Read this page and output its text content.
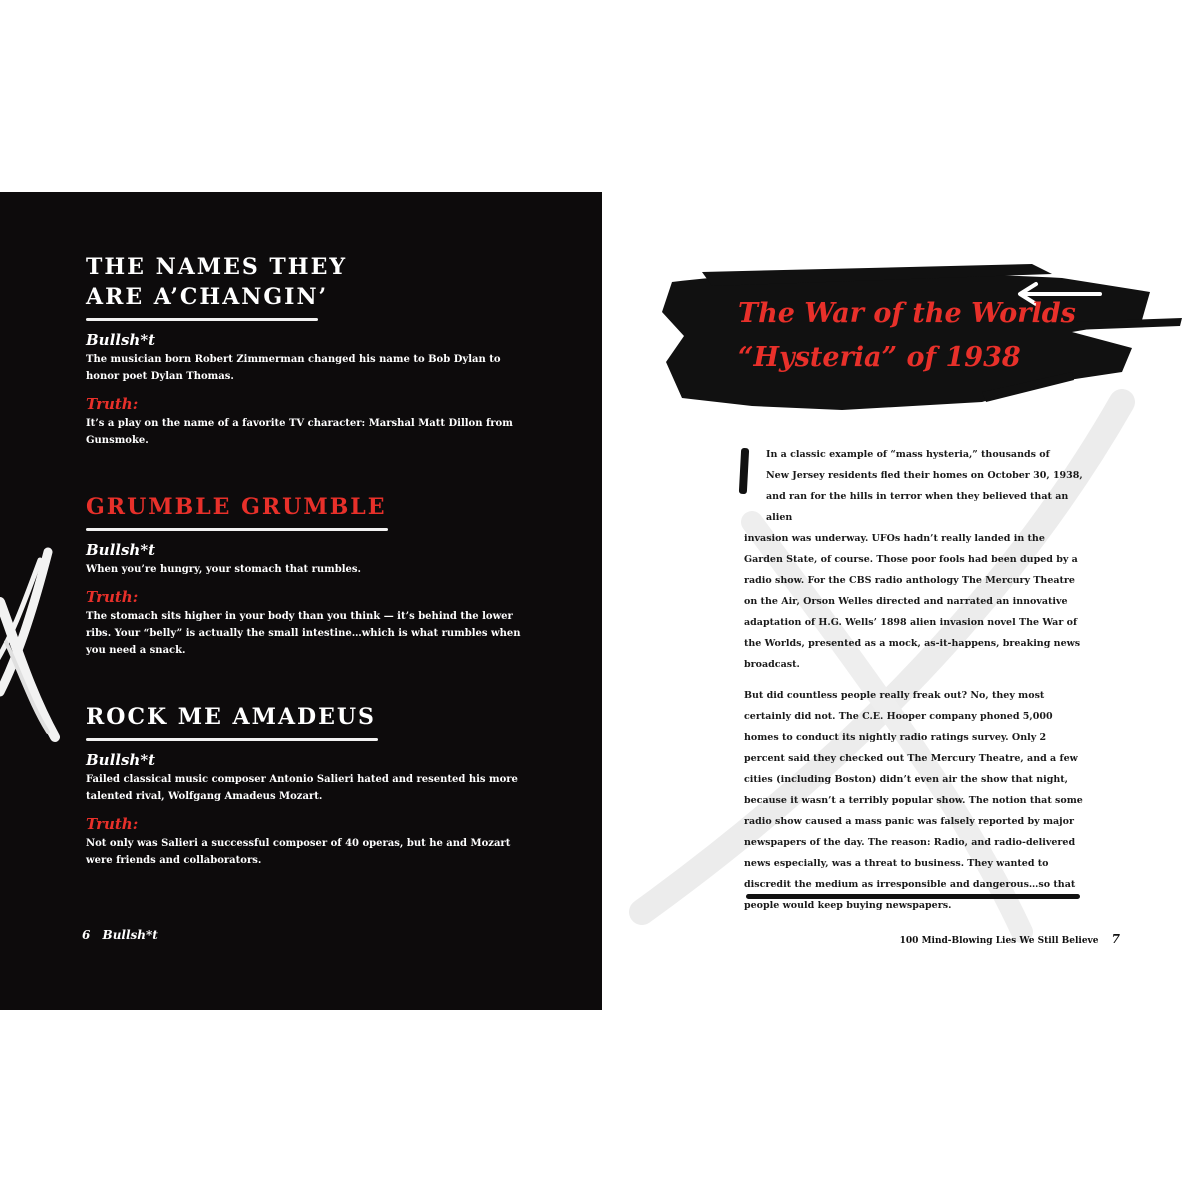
THE NAMES THEY
ARE A’CHANGIN’
Bullsh*t

The musician born Robert Zimmerman changed his name to Bob Dylan to honor poet Dylan Thomas.

Truth:

It’s a play on the name of a favorite TV character: Marshal Matt Dillon from Gunsmoke.

GRUMBLE GRUMBLE
Bullsh*t

When you’re hungry, your stomach that rumbles.

Truth:

The stomach sits higher in your body than you think — it’s behind the lower ribs. Your “belly” is actually the small intestine…which is what rumbles when you need a snack.

ROCK ME AMADEUS
Bullsh*t

Failed classical music composer Antonio Salieri hated and resented his more talented rival, Wolfgang Amadeus Mozart.

Truth:

Not only was Salieri a successful composer of 40 operas, but he and Mozart were friends and collaborators.

6 Bullsh*t
The War of the Worlds
“Hysteria” of 1938

In a classic example of “mass hysteria,” thousands of
New Jersey residents fled their homes on October 30, 1938,
and ran for the hills in terror when they believed that an alien
invasion was underway. UFOs hadn’t really landed in the Garden State, of course. Those poor fools had been duped by a radio show. For the CBS radio anthology The Mercury Theatre on the Air, Orson Welles directed and narrated an innovative adaptation of H.G. Wells’ 1898 alien invasion novel The War of the Worlds, presented as a mock, as-it-happens, breaking news broadcast.

But did countless people really freak out? No, they most certainly did not. The C.E. Hooper company phoned 5,000 homes to conduct its nightly radio ratings survey. Only 2 percent said they checked out The Mercury Theatre, and a few cities (including Boston) didn’t even air the show that night, because it wasn’t a terribly popular show. The notion that some radio show caused a mass panic was falsely reported by major newspapers of the day. The reason: Radio, and radio-delivered news especially, was a threat to business. They wanted to discredit the medium as irresponsible and dangerous…so that people would keep buying newspapers.

100 Mind-Blowing Lies We Still Believe 7
